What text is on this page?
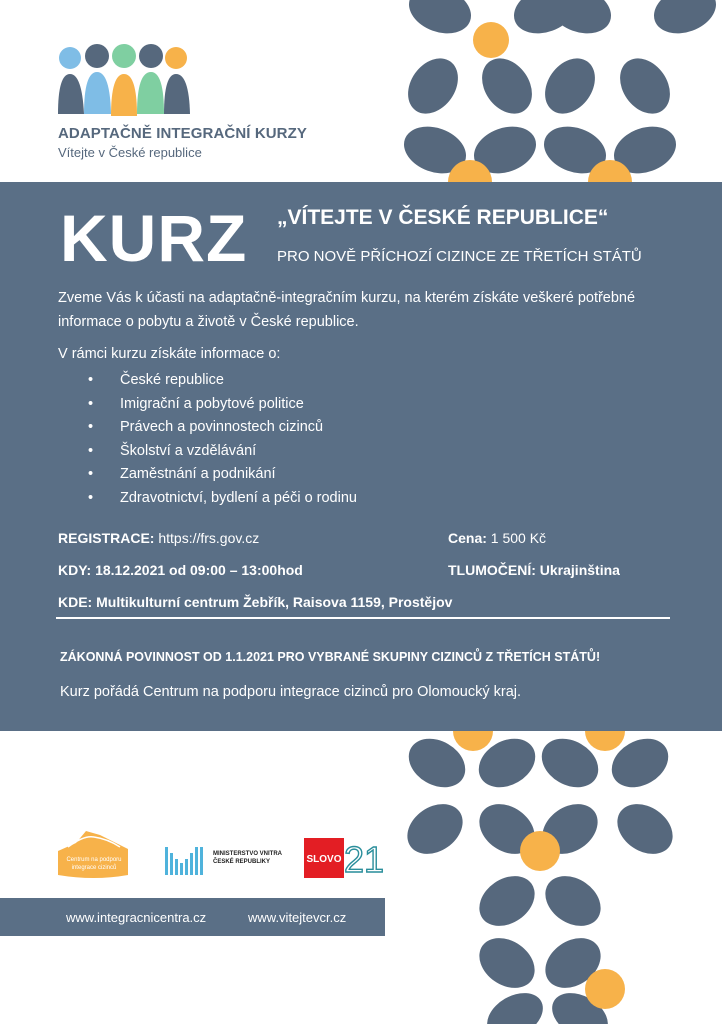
ADAPTAČNĚ INTEGRAČNÍ KURZY
Vítejte v České republice
KURZ „VÍTEJTE V ČESKÉ REPUBLICE“
PRO NOVĚ PŘÍCHOZÍ CIZINCE ZE TŘETÍCH STÁTŮ
Zveme Vás k účasti na adaptačně-integračním kurzu, na kterém získáte veškeré potřebné informace o pobytu a životě v České republice.
V rámci kurzu získáte informace o:
• České republice
• Imigrační a pobytové politice
• Právech a povinnostech cizinců
• Školství a vzdělávání
• Zaměstnání a podnikání
• Zdravotnictví, bydlení a péči o rodinu
REGISTRACE: https://frs.gov.cz	Cena: 1 500 Kč
KDY: 18.12.2021 od 09:00 – 13:00hod	TLUMOČENÍ: Ukrajinština
KDE: Multikulturní centrum Žebřík, Raisova 1159, Prostějov
ZÁKONNÁ POVINNOST OD 1.1.2021 PRO VYBRANÉ SKUPINY CIZINCŮ Z TŘETÍCH STÁTŮ!
Kurz pořádá Centrum na podporu integrace cizinců pro Olomoucký kraj.
Centrum na podporu
integrace cizinců
MINISTERSTVO VNITRA ČESKÉ REPUBLIKY	SLOVO 21
www.integracnicentra.cz	www.vitejtevcr.cz
